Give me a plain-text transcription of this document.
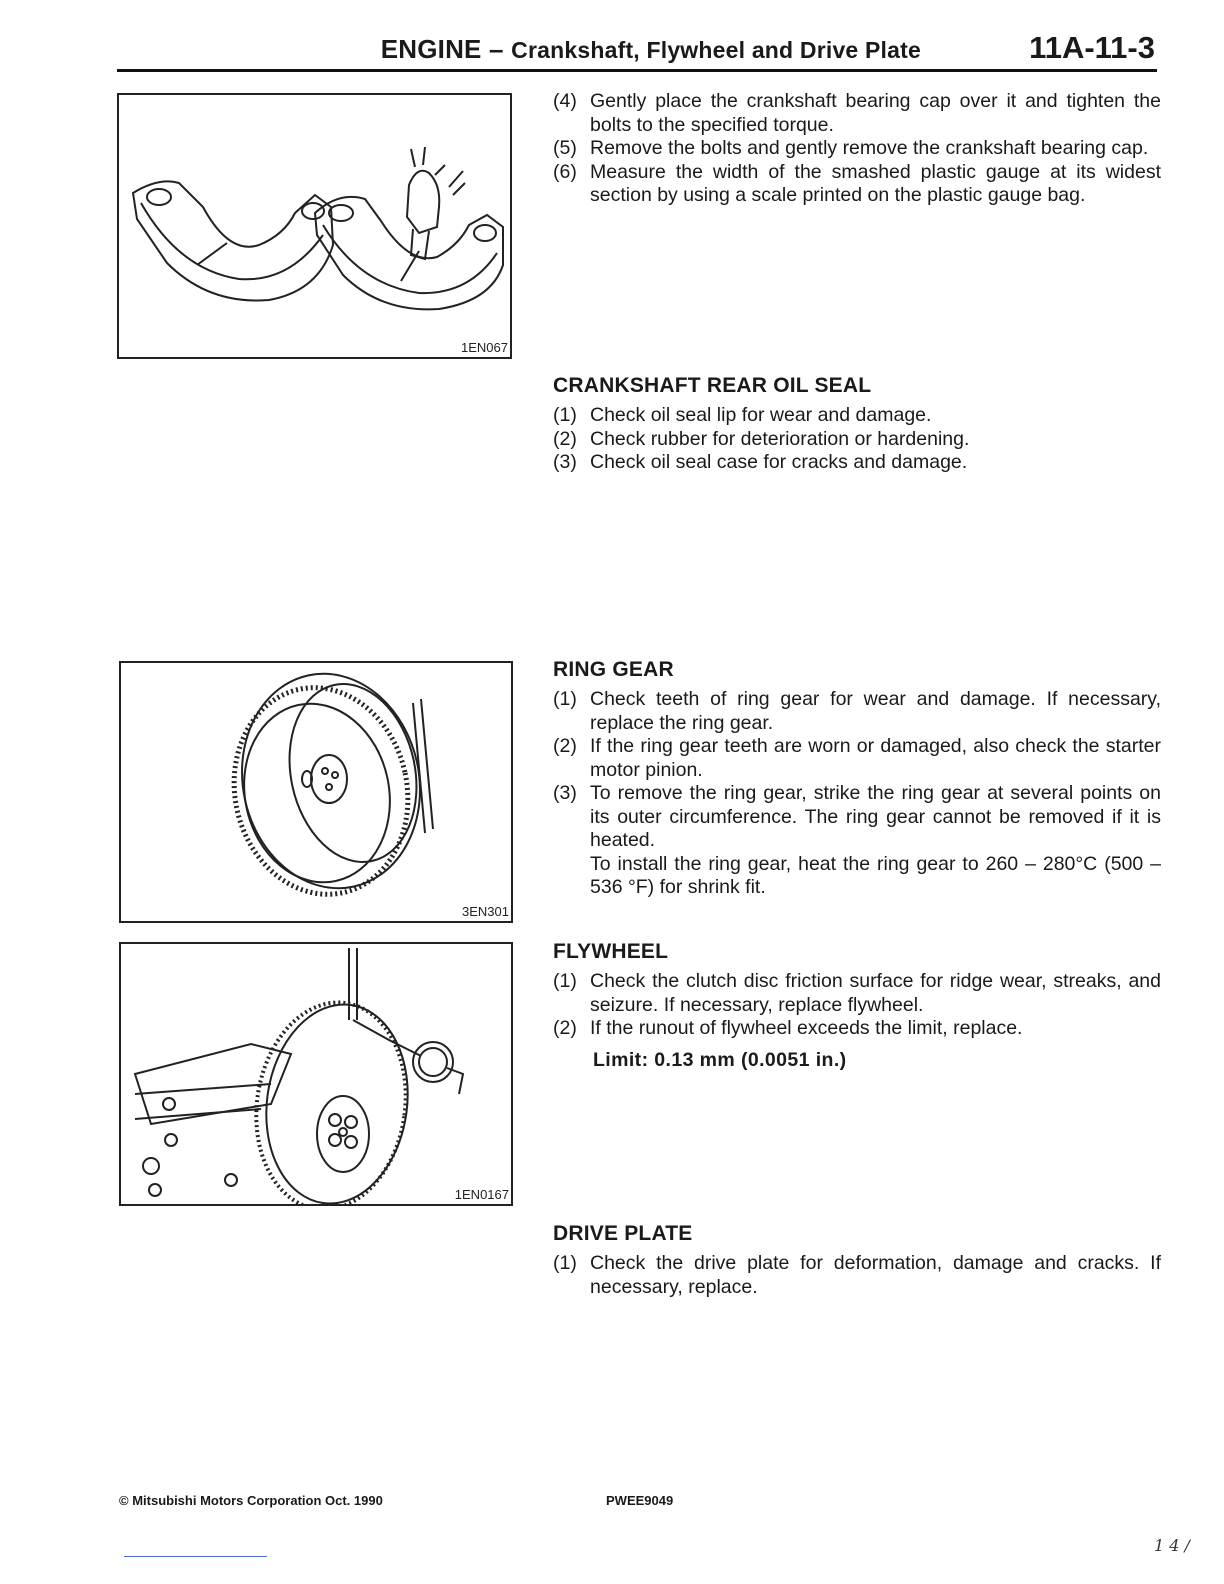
ENGINE – Crankshaft, Flywheel and Drive Plate	11A-11-3
1EN067
3EN301
1EN0167
(4) Gently place the crankshaft bearing cap over it and tighten the bolts to the specified torque.
(5) Remove the bolts and gently remove the crankshaft bearing cap.
(6) Measure the width of the smashed plastic gauge at its widest section by using a scale printed on the plastic gauge bag.
CRANKSHAFT REAR OIL SEAL
(1) Check oil seal lip for wear and damage.
(2) Check rubber for deterioration or hardening.
(3) Check oil seal case for cracks and damage.
RING GEAR
(1) Check teeth of ring gear for wear and damage. If necessary, replace the ring gear.
(2) If the ring gear teeth are worn or damaged, also check the starter motor pinion.
(3) To remove the ring gear, strike the ring gear at several points on its outer circumference. The ring gear cannot be removed if it is heated.
To install the ring gear, heat the ring gear to 260 – 280°C (500 – 536 °F) for shrink fit.
FLYWHEEL
(1) Check the clutch disc friction surface for ridge wear, streaks, and seizure. If necessary, replace flywheel.
(2) If the runout of flywheel exceeds the limit, replace.
Limit: 0.13 mm (0.0051 in.)
DRIVE PLATE
(1) Check the drive plate for deformation, damage and cracks. If necessary, replace.
© Mitsubishi Motors Corporation Oct. 1990	PWEE9049
1 4 /
